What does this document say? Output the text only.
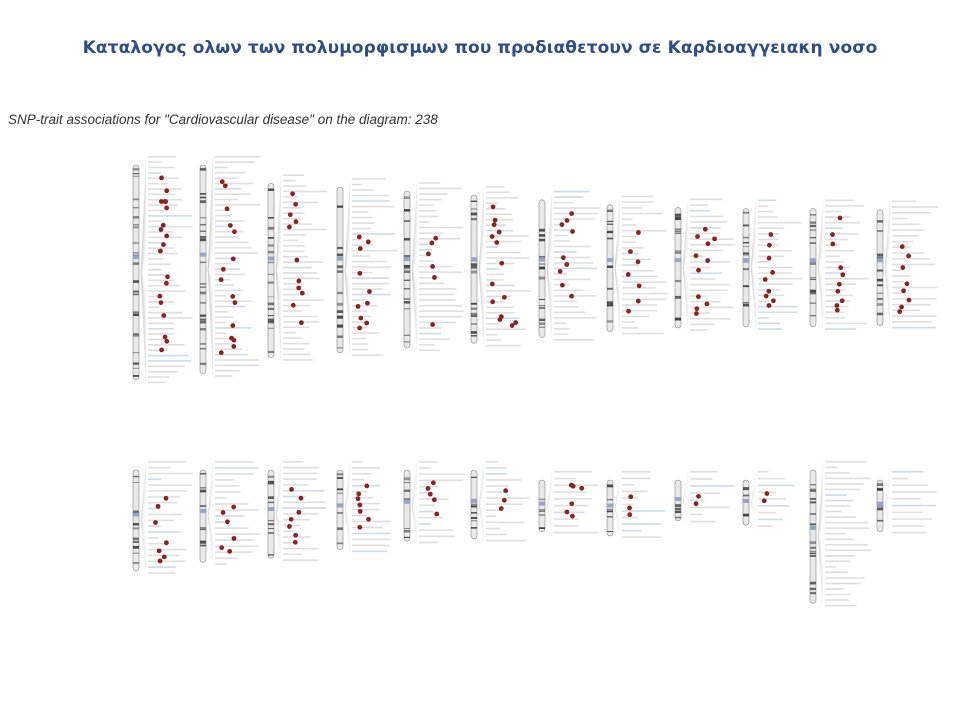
Καταλογος ολων των πολυμορφισμων που προδιαθετουν σε Καρδιοαγγειακη νοσο
SNP-trait associations for "Cardiovascular disease" on the diagram: 238
